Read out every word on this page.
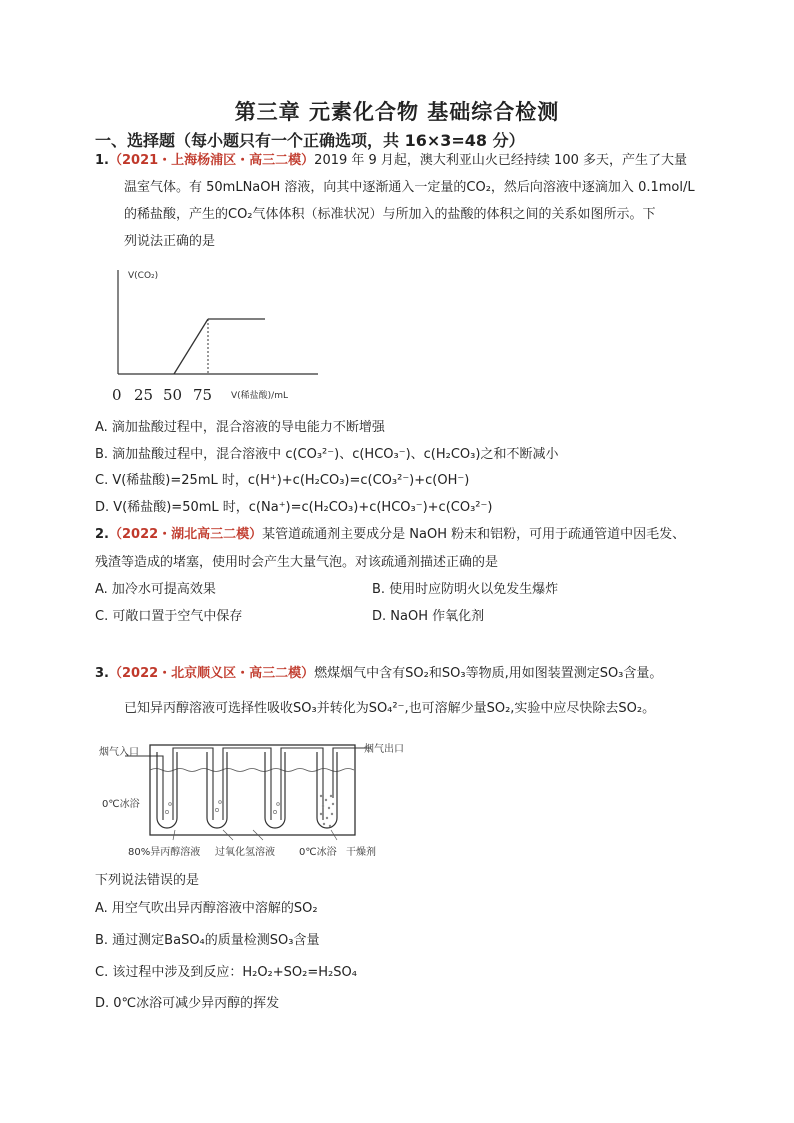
第三章 元素化合物 基础综合检测
一、选择题（每小题只有一个正确选项，共 16×3=48 分）
1.（2021・上海杨浦区・高三二模）2019 年 9 月起，澳大利亚山火已经持续 100 多天，产生了大量
温室气体。有 50mLNaOH 溶液，向其中逐渐通入一定量的CO₂，然后向溶液中逐滴加入 0.1mol/L
的稀盐酸，产生的CO₂气体体积（标准状况）与所加入的盐酸的体积之间的关系如图所示。下
列说法正确的是
V(CO₂)
0 25 50 75 V(稀盐酸)/mL
A. 滴加盐酸过程中，混合溶液的导电能力不断增强
B. 滴加盐酸过程中，混合溶液中 c(CO₃²⁻)、c(HCO₃⁻)、c(H₂CO₃)之和不断减小
C. V(稀盐酸)=25mL 时，c(H⁺)+c(H₂CO₃)=c(CO₃²⁻)+c(OH⁻)
D. V(稀盐酸)=50mL 时，c(Na⁺)=c(H₂CO₃)+c(HCO₃⁻)+c(CO₃²⁻)
2.（2022・湖北高三二模）某管道疏通剂主要成分是 NaOH 粉末和铝粉，可用于疏通管道中因毛发、
残渣等造成的堵塞，使用时会产生大量气泡。对该疏通剂描述正确的是
A. 加冷水可提高效果	B. 使用时应防明火以免发生爆炸
C. 可敞口置于空气中保存	D. NaOH 作氧化剂
3.（2022・北京顺义区・高三二模）燃煤烟气中含有SO₂和SO₃等物质,用如图装置测定SO₃含量。
已知异丙醇溶液可选择性吸收SO₃并转化为SO₄²⁻,也可溶解少量SO₂,实验中应尽快除去SO₂。
烟气入口	烟气出口
0℃冰浴
80%异丙醇溶液 过氧化氢溶液 0℃冰浴 干燥剂
下列说法错误的是
A. 用空气吹出异丙醇溶液中溶解的SO₂
B. 通过测定BaSO₄的质量检测SO₃含量
C. 该过程中涉及到反应：H₂O₂+SO₂=H₂SO₄
D. 0℃冰浴可减少异丙醇的挥发
